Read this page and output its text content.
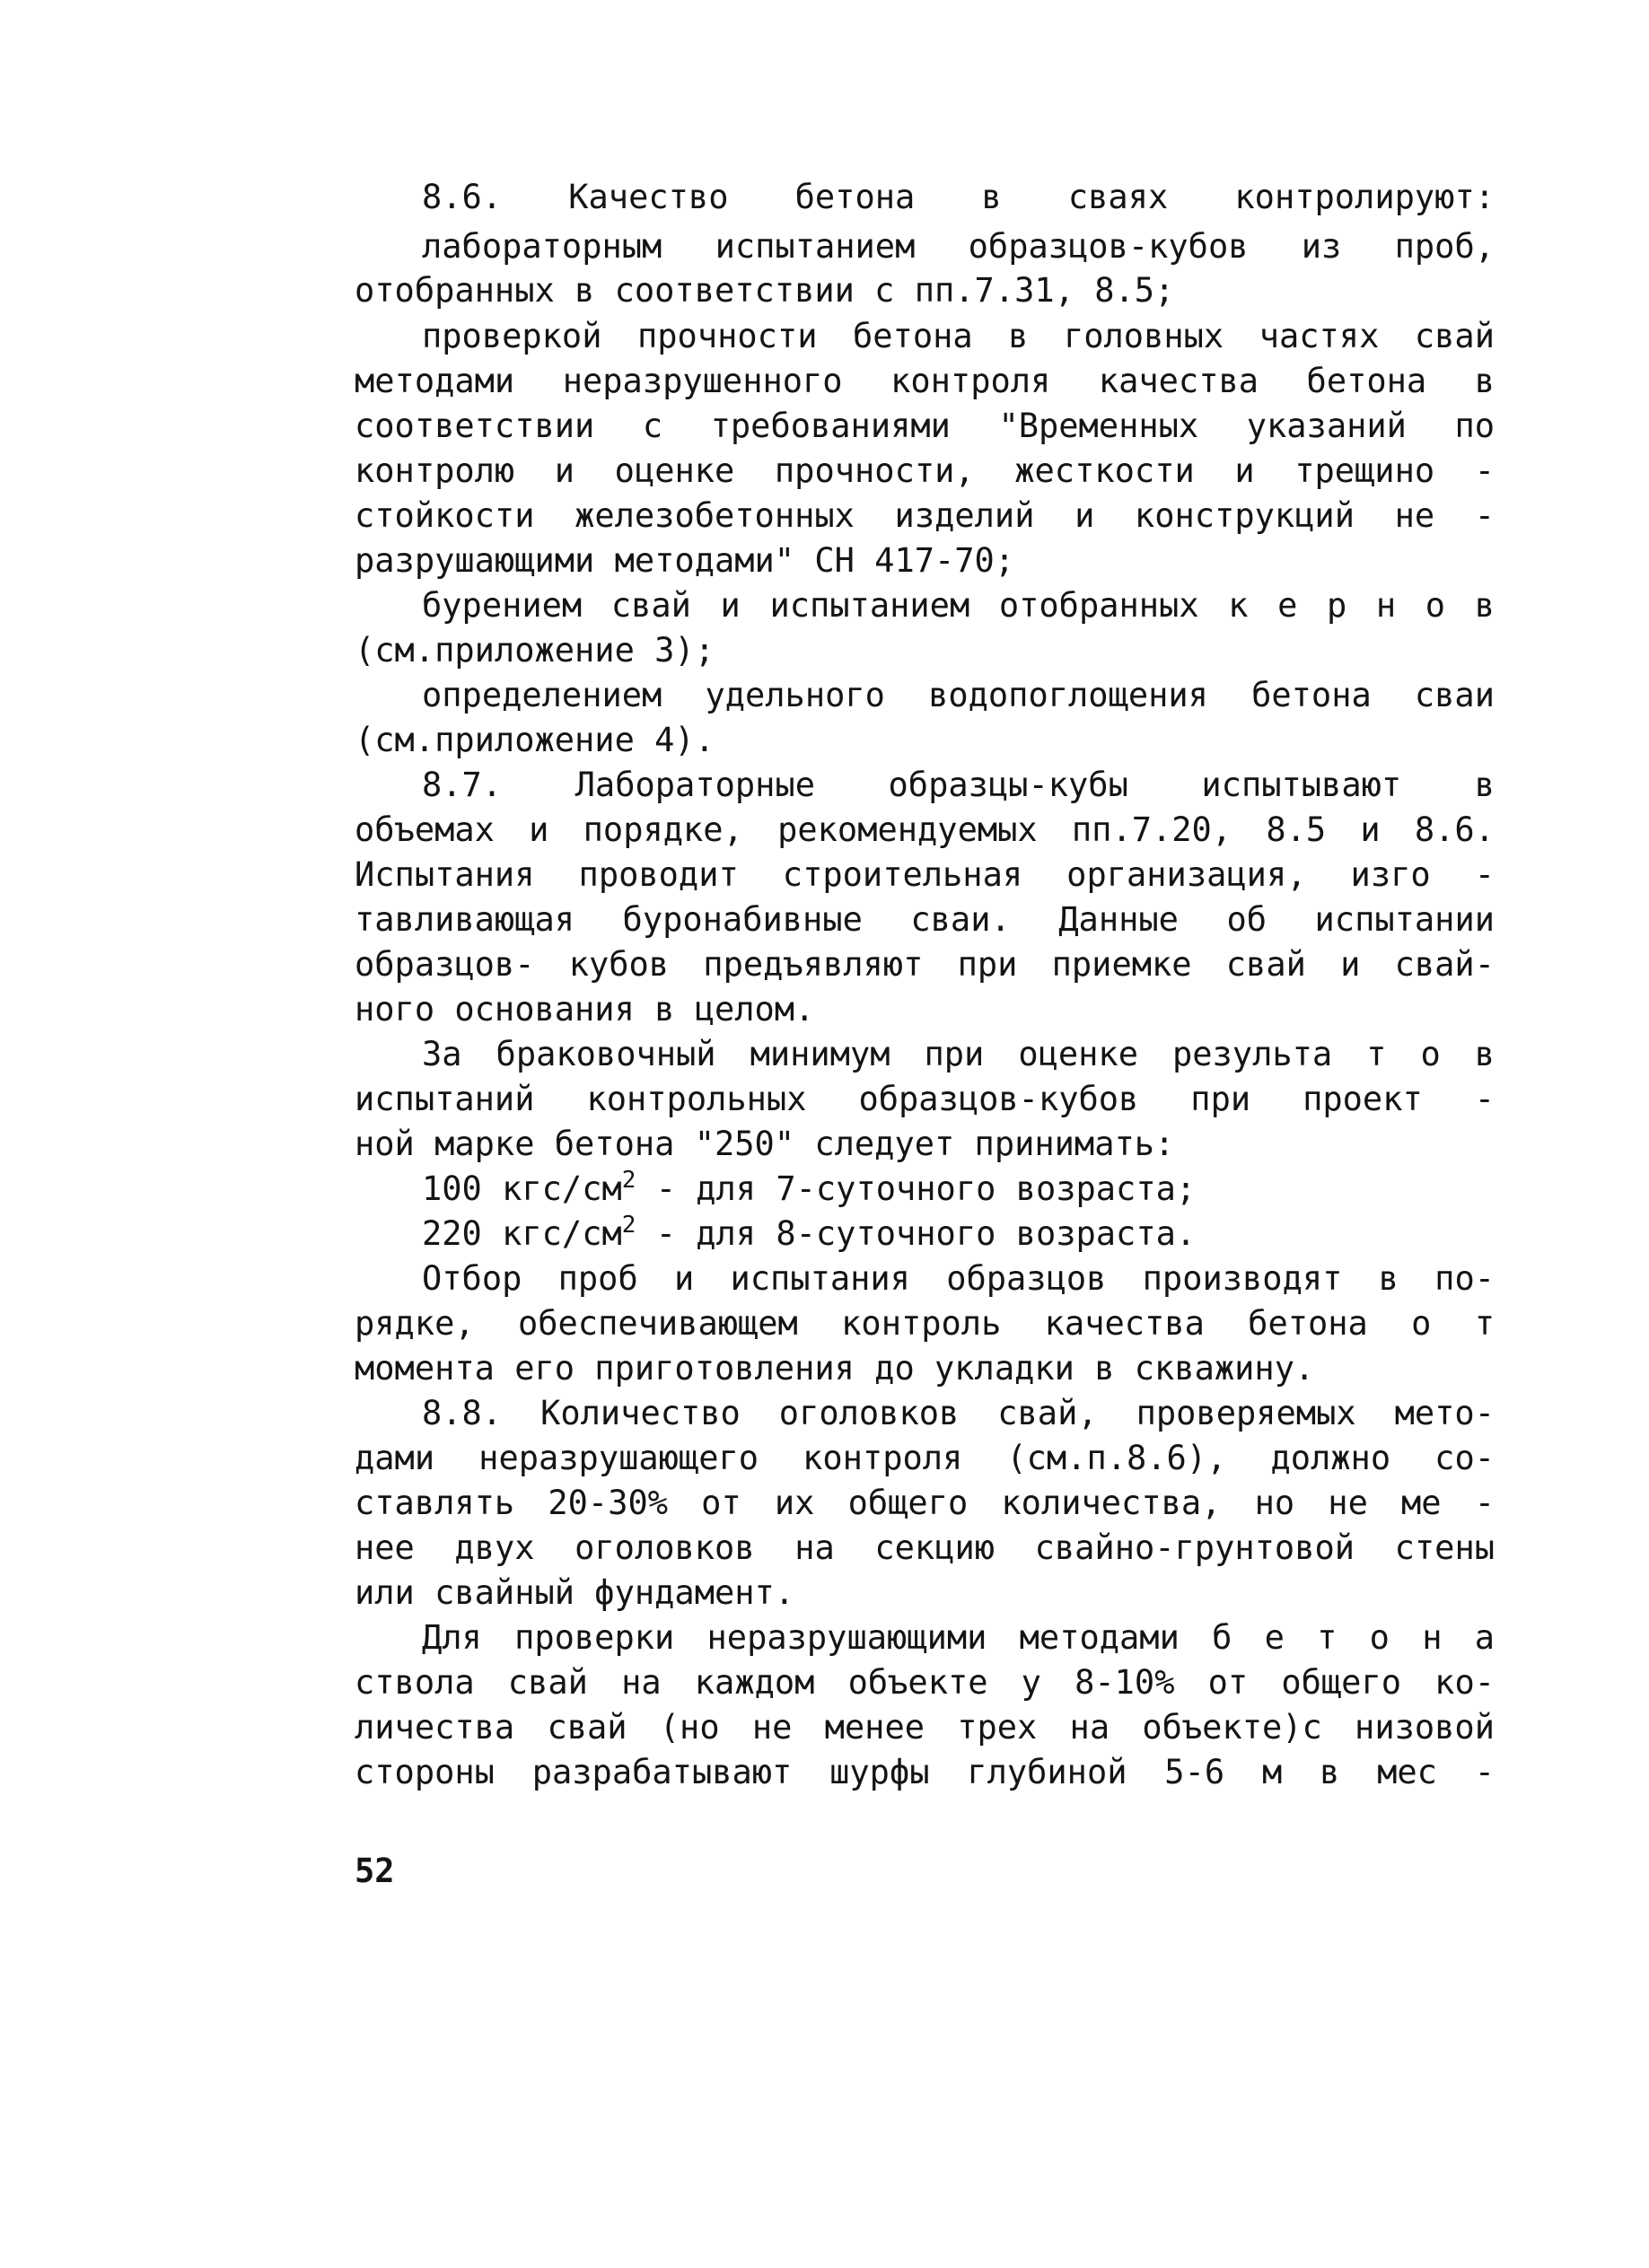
8.6. Качество бетона в сваях контролируют:
лабораторным испытанием образцов-кубов из проб,
отобранных в соответствии с пп.7.31, 8.5;
проверкой прочности бетона в головных частях свай
методами неразрушенного контроля качества бетона в
соответствии с требованиями "Временных указаний по
контролю и оценке прочности, жесткости и трещино -
стойкости железобетонных изделий и конструкций не -
разрушающими методами" СН 417-70;
бурением свай и испытанием отобранных к е р н о в
(см.приложение 3);
определением удельного водопоглощения бетона сваи
(см.приложение 4).
8.7. Лабораторные образцы-кубы испытывают в
объемах и порядке, рекомендуемых пп.7.20, 8.5 и 8.6.
Испытания проводит строительная организация, изго -
тавливающая буронабивные сваи. Данные об испытании
образцов- кубов предъявляют при приемке свай и свай-
ного основания в целом.
За браковочный минимум при оценке результа т о в
испытаний контрольных образцов-кубов при проект -
ной марке бетона "250" следует принимать:
100 кгс/$см^2$ - для 7-суточного возраста;
220 кгс/$см^2$ - для 8-суточного возраста.
Отбор проб и испытания образцов производят в по-
рядке, обеспечивающем контроль качества бетона о т
момента его приготовления до укладки в скважину.
8.8. Количество оголовков свай, проверяемых мето-
дами неразрушающего контроля (см.п.8.6), должно со-
ставлять 20-30% от их общего количества, но не ме -
нее двух оголовков на секцию свайно-грунтовой стены
или свайный фундамент.
Для проверки неразрушающими методами б е т о н а
ствола свай на каждом объекте у 8-10% от общего ко-
личества свай (но не менее трех на объекте)с низовой
стороны разрабатывают шурфы глубиной 5-6 м в мес -
52
